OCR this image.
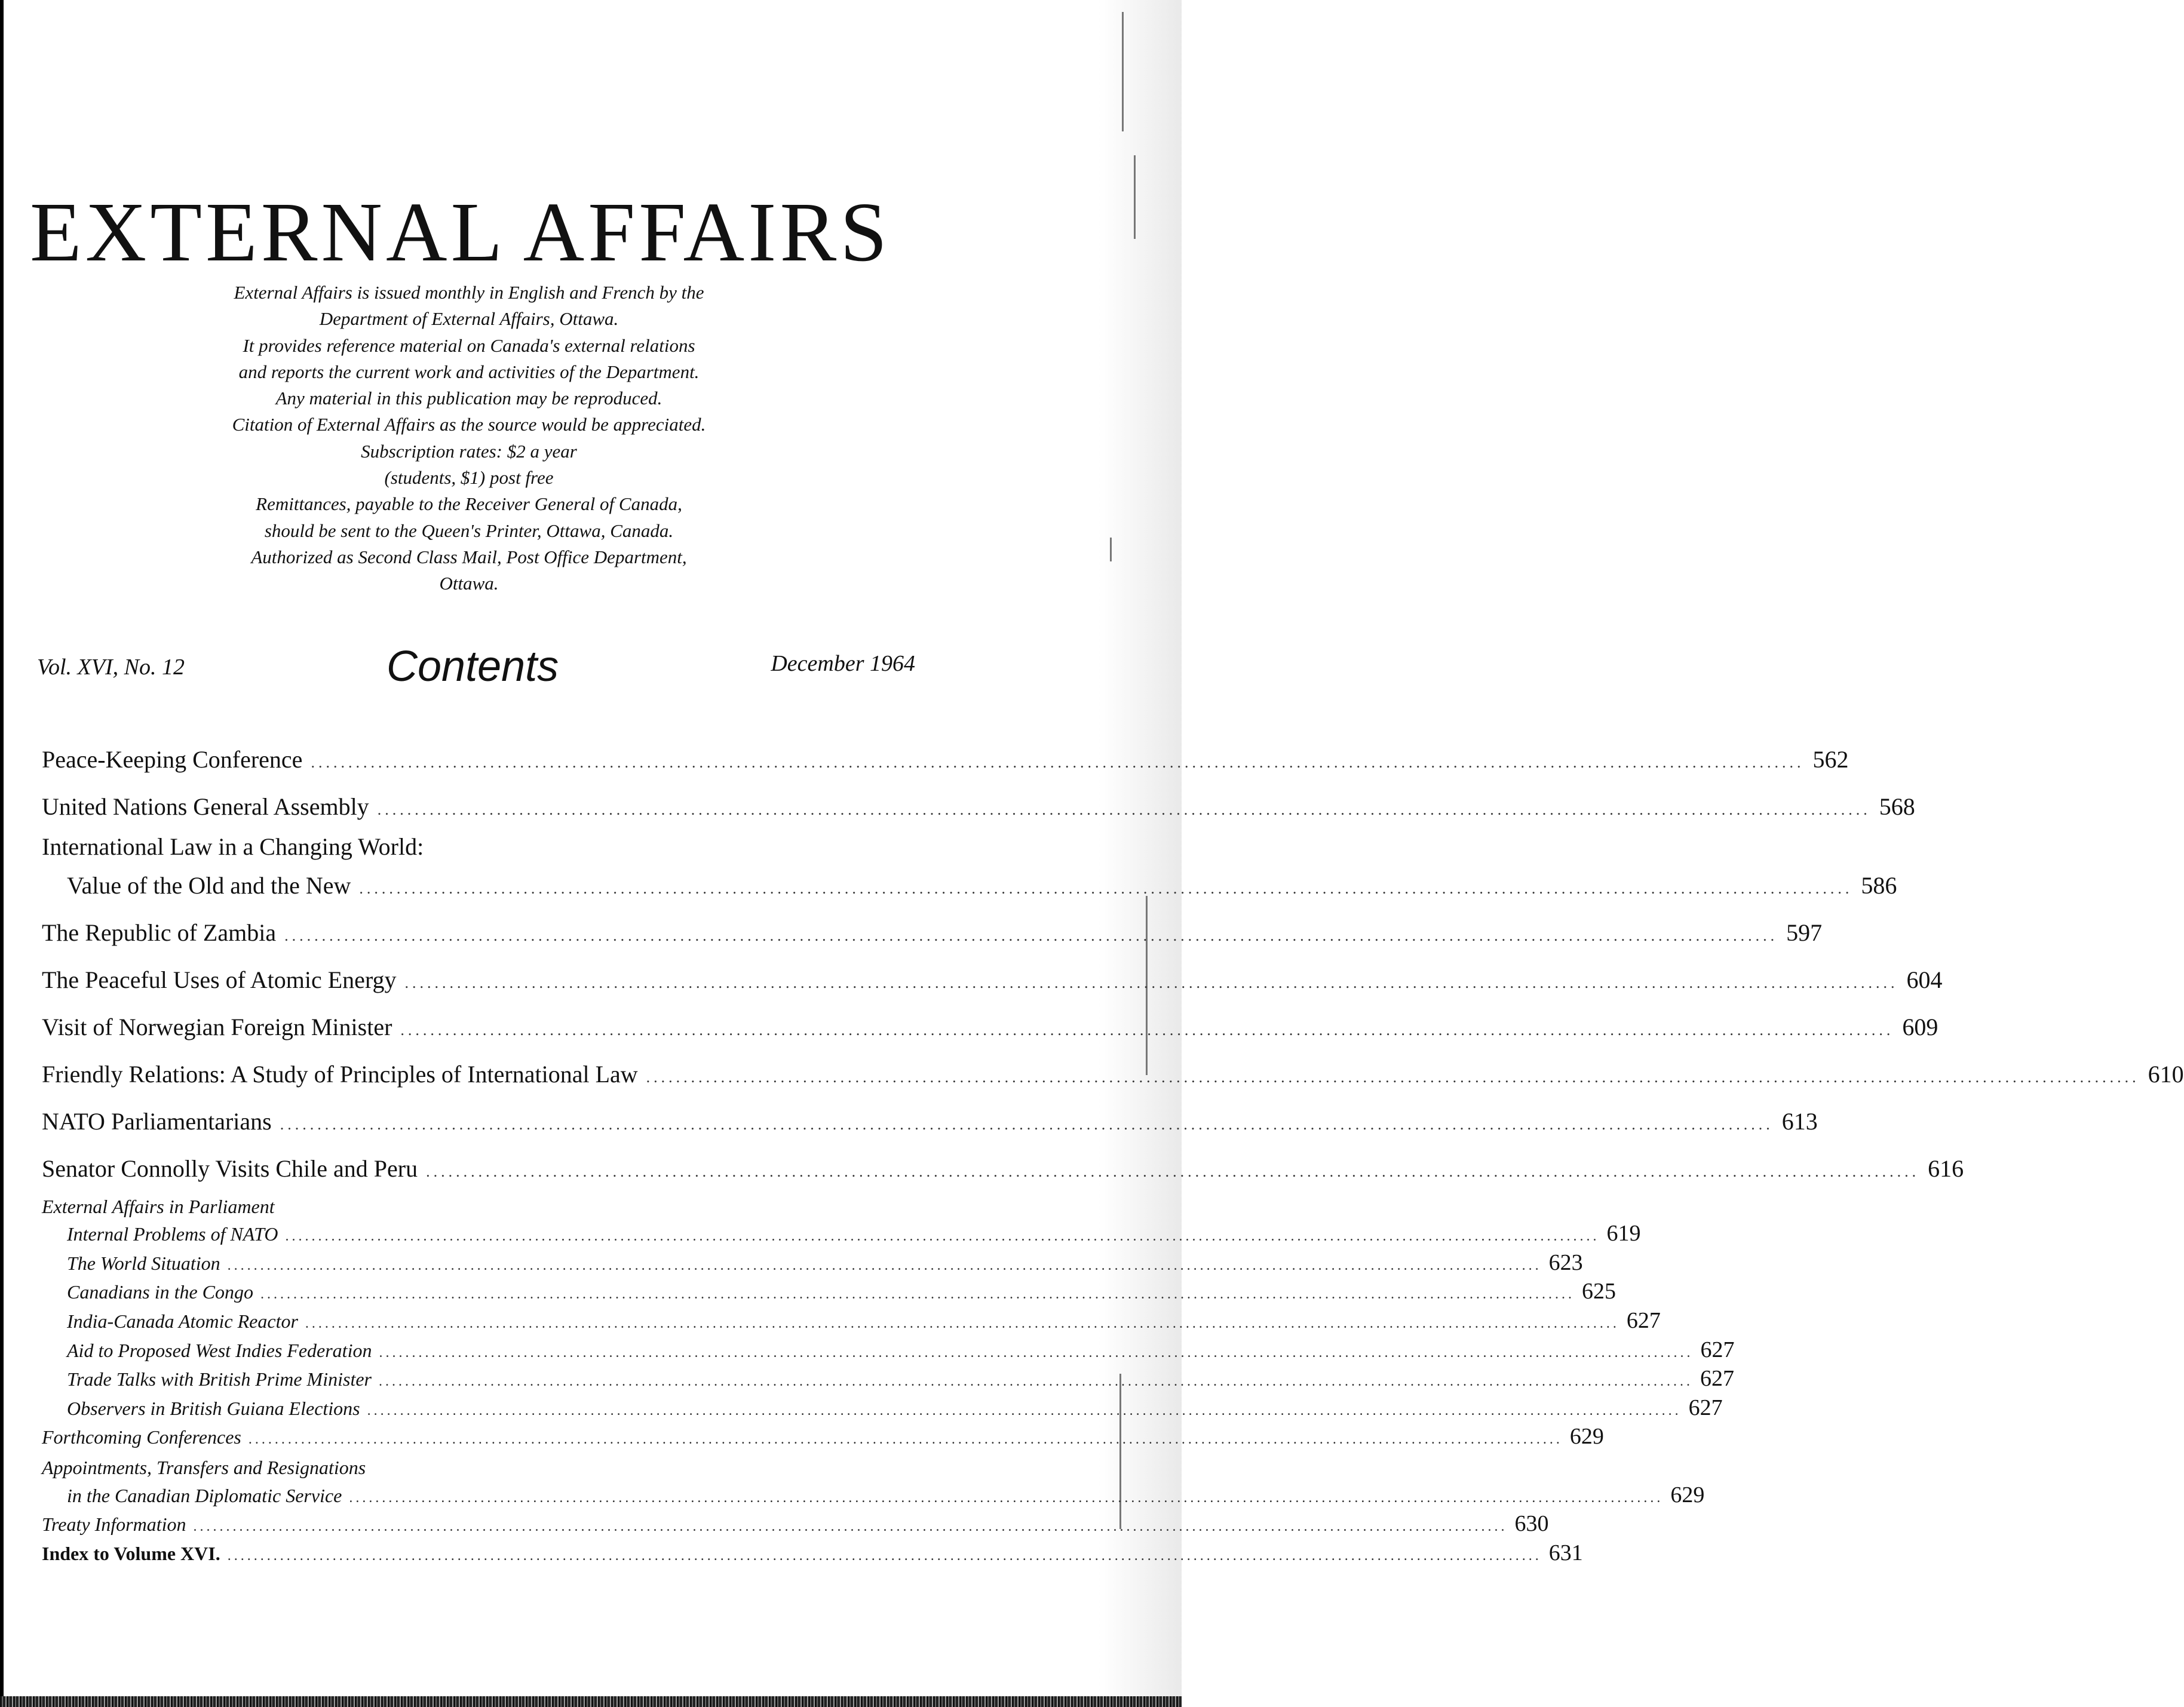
EXTERNAL AFFAIRS
External Affairs is issued monthly in English and French by the
Department of External Affairs, Ottawa.
It provides reference material on Canada's external relations
and reports the current work and activities of the Department.
Any material in this publication may be reproduced.
Citation of External Affairs as the source would be appreciated.
Subscription rates: $2 a year
(students, $1) post free
Remittances, payable to the Receiver General of Canada,
should be sent to the Queen's Printer, Ottawa, Canada.
Authorized as Second Class Mail, Post Office Department,
Ottawa.
Vol. XVI, No. 12	Contents	December 1964
Peace-Keeping Conference ........................................................................................................................................................................................................ 562
United Nations General Assembly ........................................................................................................................................................................................................ 568
International Law in a Changing World:
Value of the Old and the New ........................................................................................................................................................................................................ 586
The Republic of Zambia ........................................................................................................................................................................................................ 597
The Peaceful Uses of Atomic Energy ........................................................................................................................................................................................................ 604
Visit of Norwegian Foreign Minister ........................................................................................................................................................................................................ 609
Friendly Relations: A Study of Principles of International Law ........................................................................................................................................................................................................ 610
NATO Parliamentarians ........................................................................................................................................................................................................ 613
Senator Connolly Visits Chile and Peru ........................................................................................................................................................................................................ 616
External Affairs in Parliament
Internal Problems of NATO ........................................................................................................................................................................................................ 619
The World Situation ........................................................................................................................................................................................................ 623
Canadians in the Congo ........................................................................................................................................................................................................ 625
India-Canada Atomic Reactor ........................................................................................................................................................................................................ 627
Aid to Proposed West Indies Federation ........................................................................................................................................................................................................ 627
Trade Talks with British Prime Minister ........................................................................................................................................................................................................ 627
Observers in British Guiana Elections ........................................................................................................................................................................................................ 627
Forthcoming Conferences ........................................................................................................................................................................................................ 629
Appointments, Transfers and Resignations
in the Canadian Diplomatic Service ........................................................................................................................................................................................................ 629
Treaty Information ........................................................................................................................................................................................................ 630
Index to Volume XVI. ........................................................................................................................................................................................................ 631
